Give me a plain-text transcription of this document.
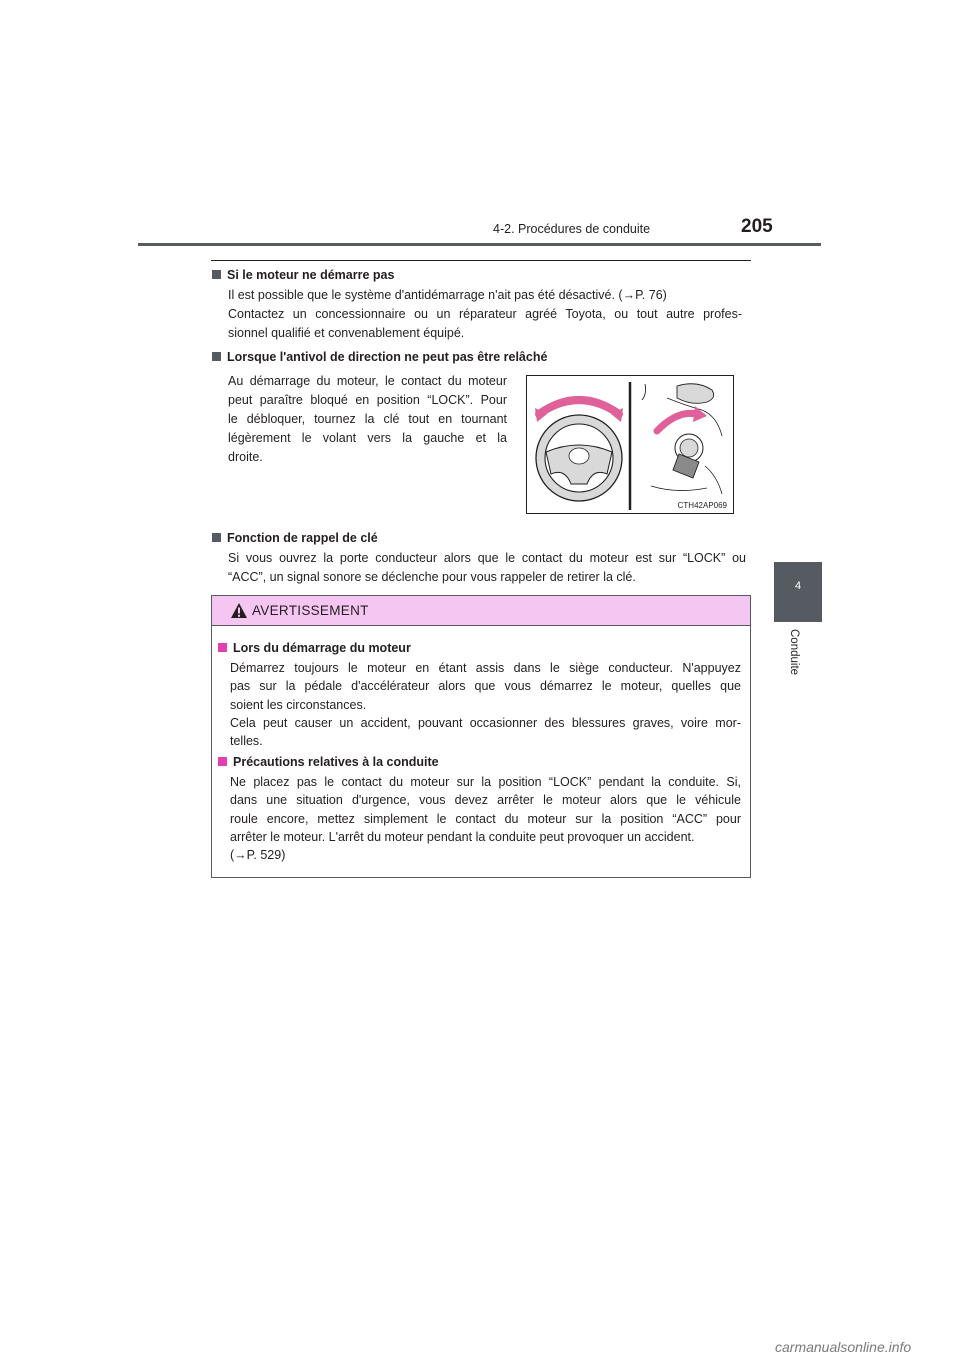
4-2. Procédures de conduite	205
4
Conduite
Si le moteur ne démarre pas
Il est possible que le système d'antidémarrage n'ait pas été désactivé. (→P. 76)
Contactez un concessionnaire ou un réparateur agréé Toyota, ou tout autre profes-
sionnel qualifié et convenablement équipé.
Lorsque l'antivol de direction ne peut pas être relâché
Au démarrage du moteur, le contact du moteur
peut paraître bloqué en position “LOCK”. Pour
le débloquer, tournez la clé tout en tournant
légèrement le volant vers la gauche et la
droite.
CTH42AP069
Fonction de rappel de clé
Si vous ouvrez la porte conducteur alors que le contact du moteur est sur “LOCK” ou
“ACC”, un signal sonore se déclenche pour vous rappeler de retirer la clé.
AVERTISSEMENT
Lors du démarrage du moteur
Démarrez toujours le moteur en étant assis dans le siège conducteur. N'appuyez
pas sur la pédale d'accélérateur alors que vous démarrez le moteur, quelles que
soient les circonstances.
Cela peut causer un accident, pouvant occasionner des blessures graves, voire mor-
telles.
Précautions relatives à la conduite
Ne placez pas le contact du moteur sur la position “LOCK” pendant la conduite. Si,
dans une situation d'urgence, vous devez arrêter le moteur alors que le véhicule
roule encore, mettez simplement le contact du moteur sur la position “ACC” pour
arrêter le moteur. L'arrêt du moteur pendant la conduite peut provoquer un accident.
(→P. 529)
carmanualsonline.info
